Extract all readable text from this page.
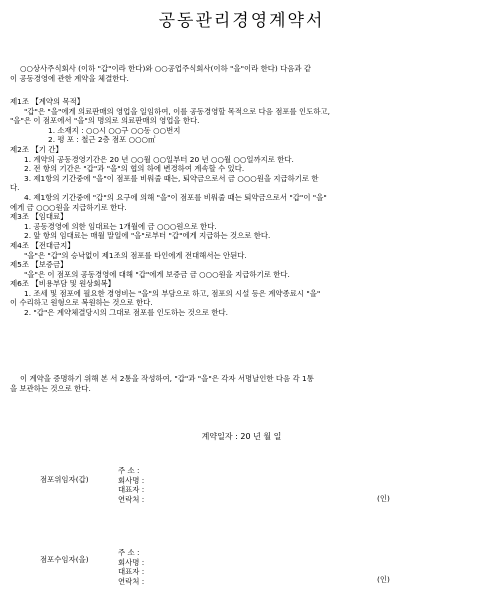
공동관리경영계약서
○○상사주식회사 (이하 "갑"이라 한다)와 ○○공업주식회사(이하 "을"이라 한다) 다음과 같
이 공동경영에 관한 계약을 체결한다.
제1조 【계약의 목적】
"갑"은 "을"에게 의료판매의 영업을 일임하여, 이를 공동경영할 목적으로 다음 점포를 인도하고,
"을"은 이 점포에서 "을"의 명의로 의료판매의 영업을 한다.
1. 소재지 : ○○시 ○○구 ○○동 ○○번지
2. 평 포 : 철근 2층 점포 ○○○㎡
제2조 【기 간】
1. 계약의 공동경영기간은 20 년 ○○월 ○○일부터 20 년 ○○월 ○○일까지로 한다.
2. 전 항의 기간은 "갑"과 "을"의 협의 하에 변경하여 계속할 수 있다.
3. 제1항의 기간중에 "을"이 점포를 비워줄 때는, 퇴약금으로서 금 ○○○원을 지급하기로 한
다.
4. 제1항의 기간중에 "갑"의 요구에 의해 "을"이 점포를 비워줄 때는 퇴약금으로서 "갑"이 "을"
에게 금 ○○○원을 지급하기로 한다.
제3조 【임대료】
1. 공동경영에 의한 임대료는 1개월에 금 ○○○원으로 한다.
2. 앞 항의 임대료는 매월 말일에 "을"로부터 "갑"에게 지급하는 것으로 한다.
제4조 【전대금지】
"을"은 "갑"의 승낙없이 제1조의 점포를 타인에게 전대해서는 안된다.
제5조 【보증금】
"을"은 이 점포의 공동경영에 대해 "갑"에게 보증금 금 ○○○원을 지급하기로 한다.
제6조 【비용부담 및 원상회복】
1. 조세 및 점포에 필요한 경영비는 "을"의 부담으로 하고, 점포의 시설 등은 계약종료시 "을"
이 수리하고 원형으로 복원하는 것으로 한다.
2. "갑"은 계약체결당시의 그대로 점포를 인도하는 것으로 한다.
이 계약을 증명하기 위해 본 서 2통을 작성하여, "갑"과 "을"은 각자 서명날인한 다음 각 1통
을 보관하는 것으로 한다.
계약일자 : 20 년 월 일
점포위임자(갑)
주 소 :
회사명 :
대표자 :
연락처 :	(인)
점포수임자(을)
주 소 :
회사명 :
대표자 :
연락처 :	(인)
